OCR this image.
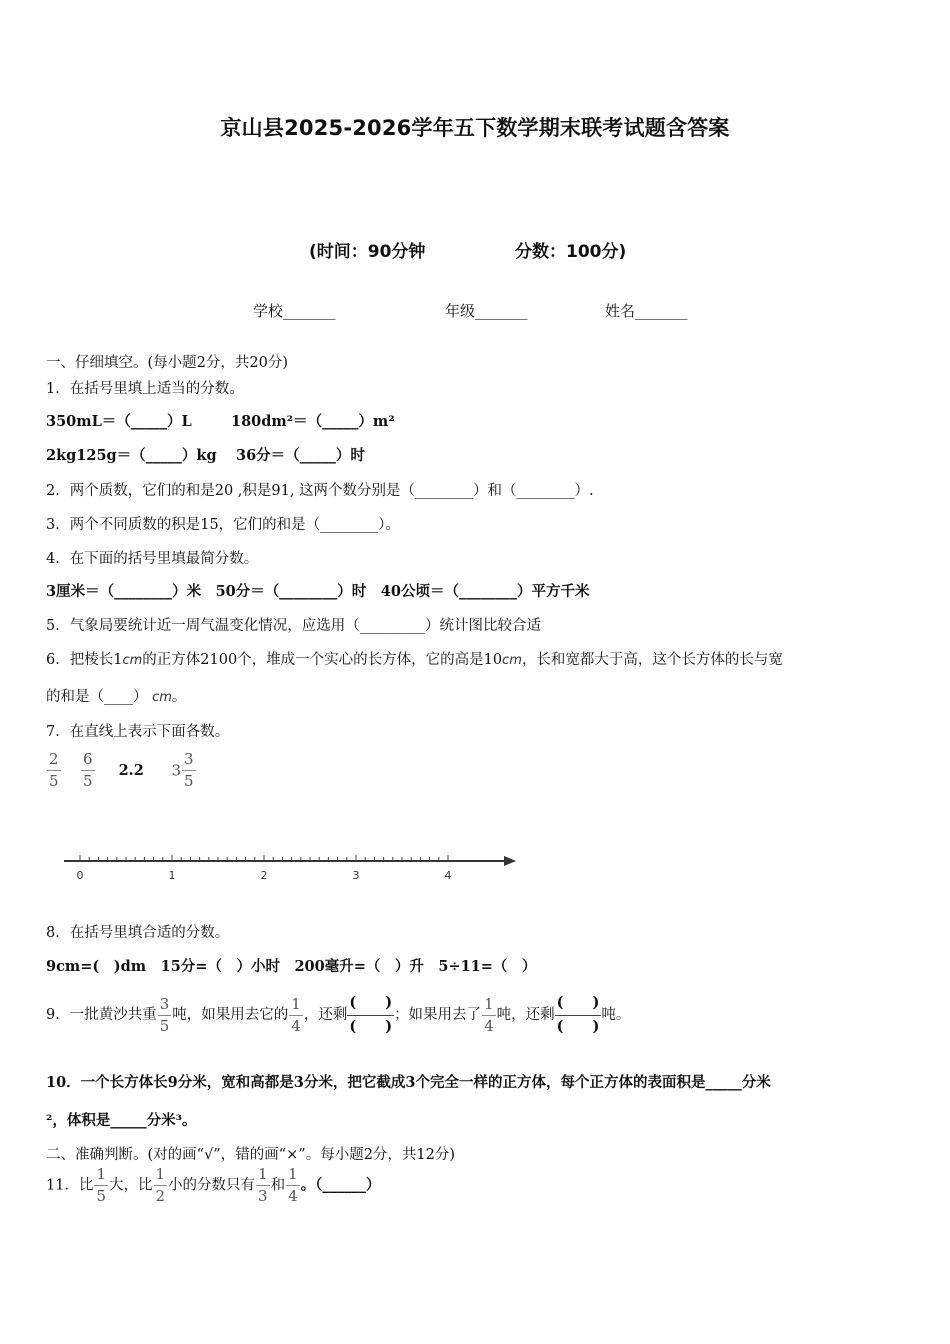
京山县2025-2026学年五下数学期末联考试题含答案
(时间：90分钟	分数：100分)
学校_______	年级_______	姓名_______
一、仔细填空。(每小题2分，共20分)
1．在括号里填上适当的分数。
350mL＝（_____）L	180dm²＝（_____）m²
2kg125g＝（_____）kg 36分＝（_____）时
2．两个质数，它们的和是20 ,积是91, 这两个数分别是（________）和（________）.
3．两个不同质数的积是15，它们的和是（________）。
4．在下面的括号里填最简分数。
3厘米＝（________）米　50分＝（________）时　40公顷＝（________）平方千米
5．气象局要统计近一周气温变化情况，应选用（_________）统计图比较合适
6．把棱长1cm的正方体2100个，堆成一个实心的长方体，它的高是10cm，长和宽都大于高，这个长方体的长与宽
的和是（____） cm。
7．在直线上表示下面各数。
$\frac{2}{5}$
$\frac{6}{5} 2.2$ $3 \frac{3}{5}$
0	1	2	3	4
8．在括号里填合适的分数。
9cm=(　)dm　15分=（　）小时　200毫升=（　）升　5÷11=（　）
9．一批黄沙共重 $\frac{3}{5}$ 吨，如果用去它的 $\frac{1}{4}$ ，还剩 $\frac{( )}{( )}$ ；如果用去了 $\frac{1}{4}$ 吨，还剩 $\frac{( )}{( )}$ 吨。
10．一个长方体长9分米，宽和高都是3分米，把它截成3个完全一样的正方体，每个正方体的表面积是_____分米
²，体积是_____分米³。
二、准确判断。(对的画“√”，错的画“×”。每小题2分，共12分)
11．比 $\frac{1}{5}$ 大，比 $\frac{1}{2}$ 小的分数只有 $\frac{1}{3}$ 和 $\frac{1}{4}$ 。（______）
